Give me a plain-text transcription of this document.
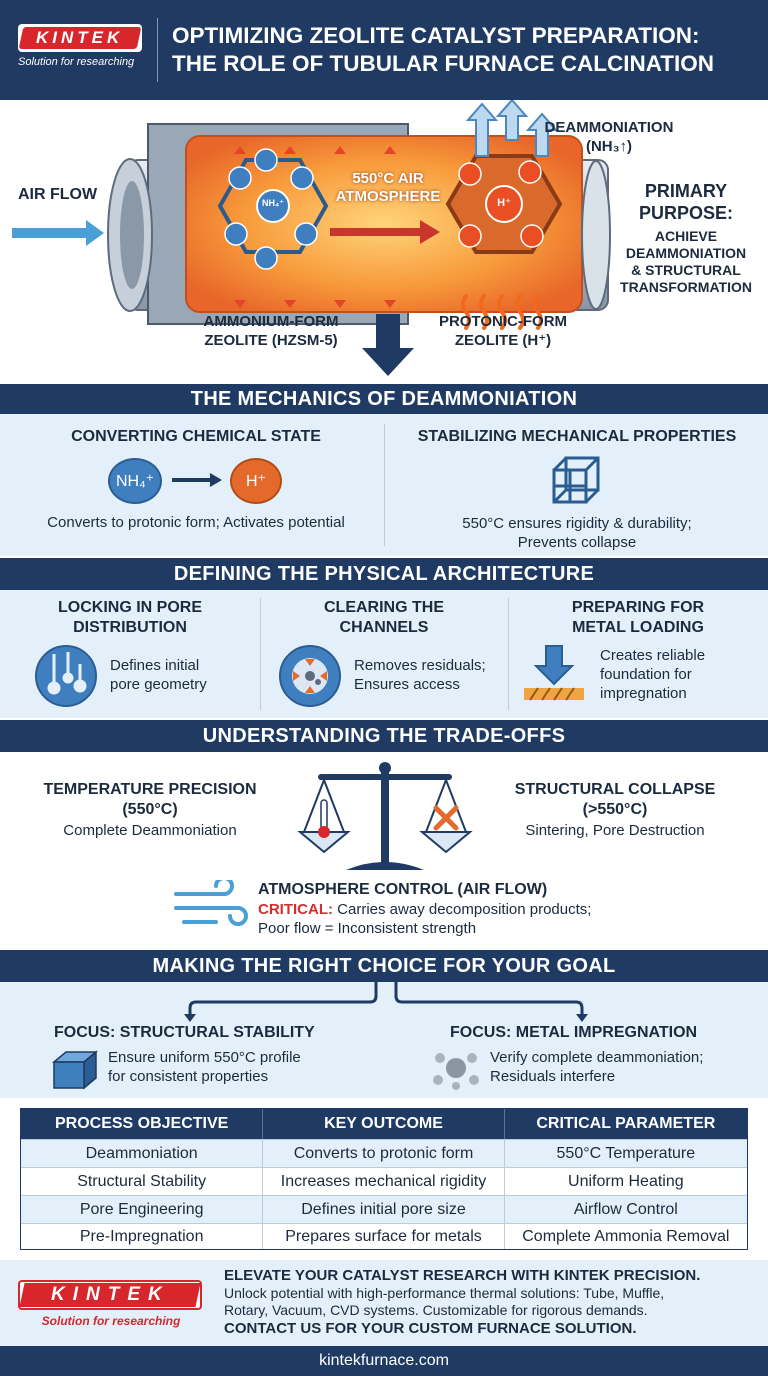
KINTEK
Solution for researching
OPTIMIZING ZEOLITE CATALYST PREPARATION:
THE ROLE OF TUBULAR FURNACE CALCINATION
AIR FLOW	NH₄⁺	H⁺
550°C AIR
ATMOSPHERE
DEAMMONIATION
(NH₃↑)
PRIMARY
PURPOSE:
ACHIEVE
DEAMMONIATION
& STRUCTURAL
TRANSFORMATION
AMMONIUM-FORM
ZEOLITE (HZSM-5)
PROTONIC-FORM
ZEOLITE (H⁺)
THE MECHANICS OF DEAMMONIATION
CONVERTING CHEMICAL STATE
NH₄⁺	H⁺
Converts to protonic form; Activates potential
STABILIZING MECHANICAL PROPERTIES
550°C ensures rigidity & durability;
Prevents collapse
DEFINING THE PHYSICAL ARCHITECTURE
LOCKING IN PORE
DISTRIBUTION
Defines initial
pore geometry
CLEARING THE
CHANNELS
Removes residuals;
Ensures access
PREPARING FOR
METAL LOADING
Creates reliable
foundation for
impregnation
UNDERSTANDING THE TRADE-OFFS
TEMPERATURE PRECISION
(550°C)
Complete Deammoniation
STRUCTURAL COLLAPSE
(>550°C)
Sintering, Pore Destruction
ATMOSPHERE CONTROL (AIR FLOW)
CRITICAL: Carries away decomposition products;
Poor flow = Inconsistent strength
MAKING THE RIGHT CHOICE FOR YOUR GOAL
FOCUS: STRUCTURAL STABILITY
Ensure uniform 550°C profile
for consistent properties
FOCUS: METAL IMPREGNATION
Verify complete deammoniation;
Residuals interfere
PROCESS OBJECTIVE	KEY OUTCOME	CRITICAL PARAMETER
Deammoniation	Converts to protonic form	550°C Temperature
Structural Stability	Increases mechanical rigidity	Uniform Heating
Pore Engineering	Defines initial pore size	Airflow Control
Pre-Impregnation	Prepares surface for metals	Complete Ammonia Removal
KINTEK
Solution for researching
ELEVATE YOUR CATALYST RESEARCH WITH KINTEK PRECISION.
Unlock potential with high-performance thermal solutions: Tube, Muffle,
Rotary, Vacuum, CVD systems. Customizable for rigorous demands.
CONTACT US FOR YOUR CUSTOM FURNACE SOLUTION.
kintekfurnace.com
